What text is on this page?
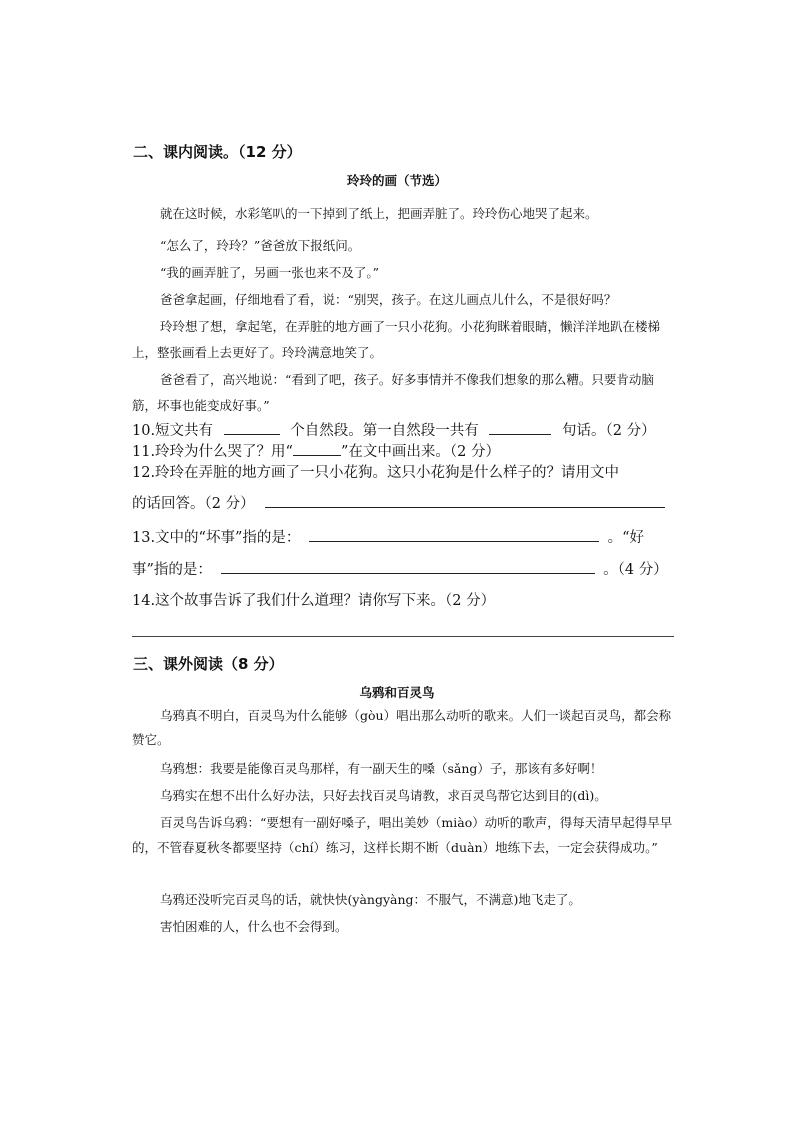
二、课内阅读。（12 分）
玲玲的画（节选）
就在这时候，水彩笔叭的一下掉到了纸上，把画弄脏了。玲玲伤心地哭了起来。
“怎么了，玲玲？”爸爸放下报纸问。
“我的画弄脏了，另画一张也来不及了。”
爸爸拿起画，仔细地看了看，说：“别哭，孩子。在这儿画点儿什么，不是很好吗？
玲玲想了想，拿起笔，在弄脏的地方画了一只小花狗。小花狗眯着眼睛，懒洋洋地趴在楼梯上，整张画看上去更好了。玲玲满意地笑了。
爸爸看了，高兴地说：“看到了吧，孩子。好多事情并不像我们想象的那么糟。只要肯动脑筋，坏事也能变成好事。”
10.短文共有	个自然段。第一自然段一共有	句话。（2 分）
11.玲玲为什么哭了？用“	”在文中画出来。（2 分）
12.玲玲在弄脏的地方画了一只小花狗。这只小花狗是什么样子的？请用文中
的话回答。（2 分）
13.文中的“坏事”指的是：	。“好
事”指的是：	。（4 分）
14.这个故事告诉了我们什么道理？请你写下来。（2 分）
三、课外阅读（8 分）
乌鸦和百灵鸟
乌鸦真不明白，百灵鸟为什么能够（gòu）唱出那么动听的歌来。人们一谈起百灵鸟，都会称赞它。
乌鸦想：我要是能像百灵鸟那样，有一副天生的嗓（sǎng）子，那该有多好啊！
乌鸦实在想不出什么好办法，只好去找百灵鸟请教，求百灵鸟帮它达到目的(dì)。
百灵鸟告诉乌鸦：“要想有一副好嗓子，唱出美妙（miào）动听的歌声，得每天清早起得早早的，不管春夏秋冬都要坚持（chí）练习，这样长期不断（duàn）地练下去，一定会获得成功。”
乌鸦还没听完百灵鸟的话，就快快(yàngyàng：不服气，不满意)地飞走了。
害怕困难的人，什么也不会得到。
